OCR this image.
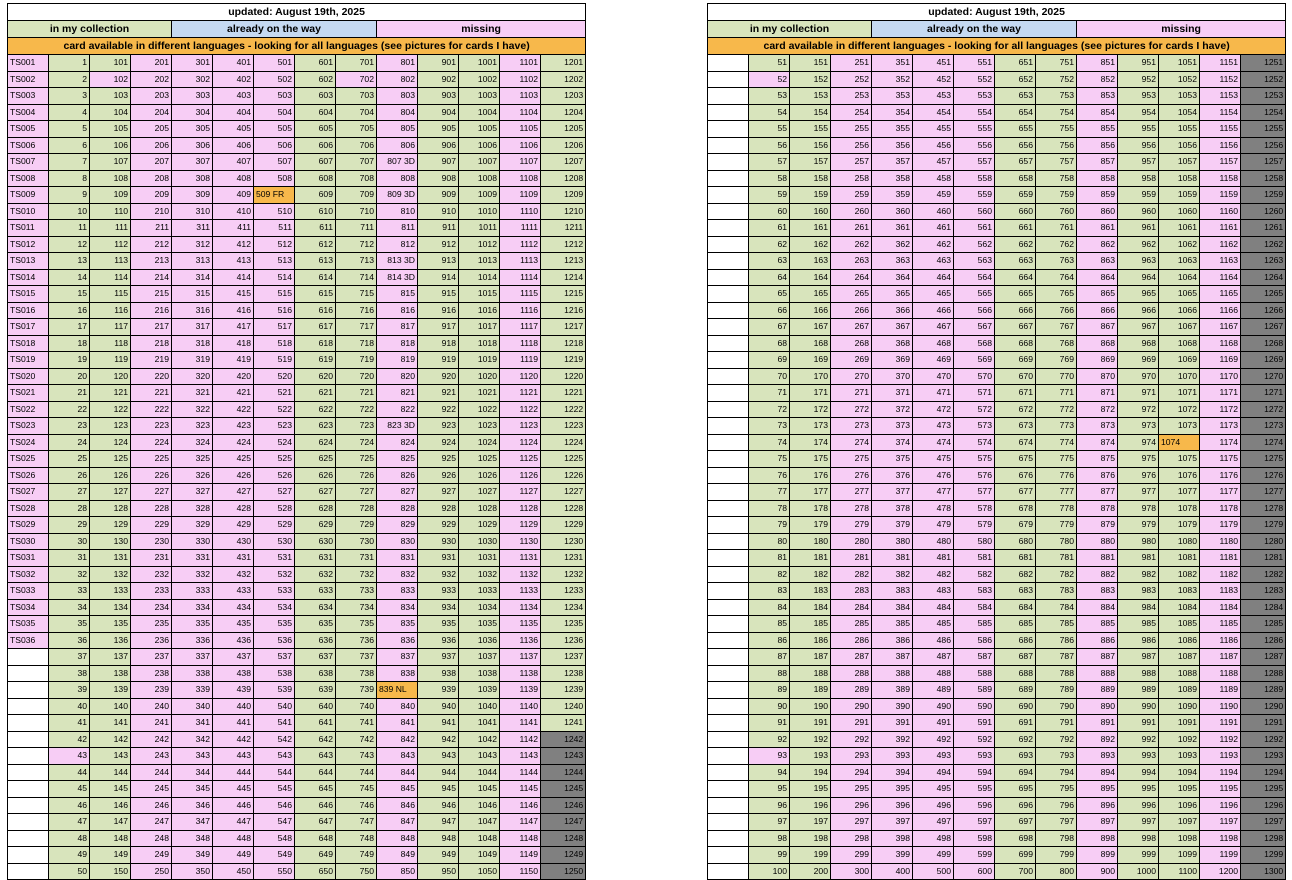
updated: August 19th, 2025													
in my collection				already on the way					missing				
card available in different languages - looking for all languages (see pictures for cards I have)													
TS001	1	101	201	301	401	501	601	701	801	901	1001	1101	1201
TS002	2	102	202	302	402	502	602	702	802	902	1002	1102	1202
TS003	3	103	203	303	403	503	603	703	803	903	1003	1103	1203
TS004	4	104	204	304	404	504	604	704	804	904	1004	1104	1204
TS005	5	105	205	305	405	505	605	705	805	905	1005	1105	1205
TS006	6	106	206	306	406	506	606	706	806	906	1006	1106	1206
TS007	7	107	207	307	407	507	607	707	807 3D	907	1007	1107	1207
TS008	8	108	208	308	408	508	608	708	808	908	1008	1108	1208
TS009	9	109	209	309	409	509 FR	609	709	809 3D	909	1009	1109	1209
TS010	10	110	210	310	410	510	610	710	810	910	1010	1110	1210
TS011	11	111	211	311	411	511	611	711	811	911	1011	1111	1211
TS012	12	112	212	312	412	512	612	712	812	912	1012	1112	1212
TS013	13	113	213	313	413	513	613	713	813 3D	913	1013	1113	1213
TS014	14	114	214	314	414	514	614	714	814 3D	914	1014	1114	1214
TS015	15	115	215	315	415	515	615	715	815	915	1015	1115	1215
TS016	16	116	216	316	416	516	616	716	816	916	1016	1116	1216
TS017	17	117	217	317	417	517	617	717	817	917	1017	1117	1217
TS018	18	118	218	318	418	518	618	718	818	918	1018	1118	1218
TS019	19	119	219	319	419	519	619	719	819	919	1019	1119	1219
TS020	20	120	220	320	420	520	620	720	820	920	1020	1120	1220
TS021	21	121	221	321	421	521	621	721	821	921	1021	1121	1221
TS022	22	122	222	322	422	522	622	722	822	922	1022	1122	1222
TS023	23	123	223	323	423	523	623	723	823 3D	923	1023	1123	1223
TS024	24	124	224	324	424	524	624	724	824	924	1024	1124	1224
TS025	25	125	225	325	425	525	625	725	825	925	1025	1125	1225
TS026	26	126	226	326	426	526	626	726	826	926	1026	1126	1226
TS027	27	127	227	327	427	527	627	727	827	927	1027	1127	1227
TS028	28	128	228	328	428	528	628	728	828	928	1028	1128	1228
TS029	29	129	229	329	429	529	629	729	829	929	1029	1129	1229
TS030	30	130	230	330	430	530	630	730	830	930	1030	1130	1230
TS031	31	131	231	331	431	531	631	731	831	931	1031	1131	1231
TS032	32	132	232	332	432	532	632	732	832	932	1032	1132	1232
TS033	33	133	233	333	433	533	633	733	833	933	1033	1133	1233
TS034	34	134	234	334	434	534	634	734	834	934	1034	1134	1234
TS035	35	135	235	335	435	535	635	735	835	935	1035	1135	1235
TS036	36	136	236	336	436	536	636	736	836	936	1036	1136	1236
	37	137	237	337	437	537	637	737	837	937	1037	1137	1237
	38	138	238	338	438	538	638	738	838	938	1038	1138	1238
	39	139	239	339	439	539	639	739	839 NL	939	1039	1139	1239
	40	140	240	340	440	540	640	740	840	940	1040	1140	1240
	41	141	241	341	441	541	641	741	841	941	1041	1141	1241
	42	142	242	342	442	542	642	742	842	942	1042	1142	1242
	43	143	243	343	443	543	643	743	843	943	1043	1143	1243
	44	144	244	344	444	544	644	744	844	944	1044	1144	1244
	45	145	245	345	445	545	645	745	845	945	1045	1145	1245
	46	146	246	346	446	546	646	746	846	946	1046	1146	1246
	47	147	247	347	447	547	647	747	847	947	1047	1147	1247
	48	148	248	348	448	548	648	748	848	948	1048	1148	1248
	49	149	249	349	449	549	649	749	849	949	1049	1149	1249
	50	150	250	350	450	550	650	750	850	950	1050	1150	1250
updated: August 19th, 2025													
in my collection				already on the way					missing				
card available in different languages - looking for all languages (see pictures for cards I have)													
	51	151	251	351	451	551	651	751	851	951	1051	1151	1251
	52	152	252	352	452	552	652	752	852	952	1052	1152	1252
	53	153	253	353	453	553	653	753	853	953	1053	1153	1253
	54	154	254	354	454	554	654	754	854	954	1054	1154	1254
	55	155	255	355	455	555	655	755	855	955	1055	1155	1255
	56	156	256	356	456	556	656	756	856	956	1056	1156	1256
	57	157	257	357	457	557	657	757	857	957	1057	1157	1257
	58	158	258	358	458	558	658	758	858	958	1058	1158	1258
	59	159	259	359	459	559	659	759	859	959	1059	1159	1259
	60	160	260	360	460	560	660	760	860	960	1060	1160	1260
	61	161	261	361	461	561	661	761	861	961	1061	1161	1261
	62	162	262	362	462	562	662	762	862	962	1062	1162	1262
	63	163	263	363	463	563	663	763	863	963	1063	1163	1263
	64	164	264	364	464	564	664	764	864	964	1064	1164	1264
	65	165	265	365	465	565	665	765	865	965	1065	1165	1265
	66	166	266	366	466	566	666	766	866	966	1066	1166	1266
	67	167	267	367	467	567	667	767	867	967	1067	1167	1267
	68	168	268	368	468	568	668	768	868	968	1068	1168	1268
	69	169	269	369	469	569	669	769	869	969	1069	1169	1269
	70	170	270	370	470	570	670	770	870	970	1070	1170	1270
	71	171	271	371	471	571	671	771	871	971	1071	1171	1271
	72	172	272	372	472	572	672	772	872	972	1072	1172	1272
	73	173	273	373	473	573	673	773	873	973	1073	1173	1273
	74	174	274	374	474	574	674	774	874	974	1074	1174	1274
	75	175	275	375	475	575	675	775	875	975	1075	1175	1275
	76	176	276	376	476	576	676	776	876	976	1076	1176	1276
	77	177	277	377	477	577	677	777	877	977	1077	1177	1277
	78	178	278	378	478	578	678	778	878	978	1078	1178	1278
	79	179	279	379	479	579	679	779	879	979	1079	1179	1279
	80	180	280	380	480	580	680	780	880	980	1080	1180	1280
	81	181	281	381	481	581	681	781	881	981	1081	1181	1281
	82	182	282	382	482	582	682	782	882	982	1082	1182	1282
	83	183	283	383	483	583	683	783	883	983	1083	1183	1283
	84	184	284	384	484	584	684	784	884	984	1084	1184	1284
	85	185	285	385	485	585	685	785	885	985	1085	1185	1285
	86	186	286	386	486	586	686	786	886	986	1086	1186	1286
	87	187	287	387	487	587	687	787	887	987	1087	1187	1287
	88	188	288	388	488	588	688	788	888	988	1088	1188	1288
	89	189	289	389	489	589	689	789	889	989	1089	1189	1289
	90	190	290	390	490	590	690	790	890	990	1090	1190	1290
	91	191	291	391	491	591	691	791	891	991	1091	1191	1291
	92	192	292	392	492	592	692	792	892	992	1092	1192	1292
	93	193	293	393	493	593	693	793	893	993	1093	1193	1293
	94	194	294	394	494	594	694	794	894	994	1094	1194	1294
	95	195	295	395	495	595	695	795	895	995	1095	1195	1295
	96	196	296	396	496	596	696	796	896	996	1096	1196	1296
	97	197	297	397	497	597	697	797	897	997	1097	1197	1297
	98	198	298	398	498	598	698	798	898	998	1098	1198	1298
	99	199	299	399	499	599	699	799	899	999	1099	1199	1299
	100	200	300	400	500	600	700	800	900	1000	1100	1200	1300
